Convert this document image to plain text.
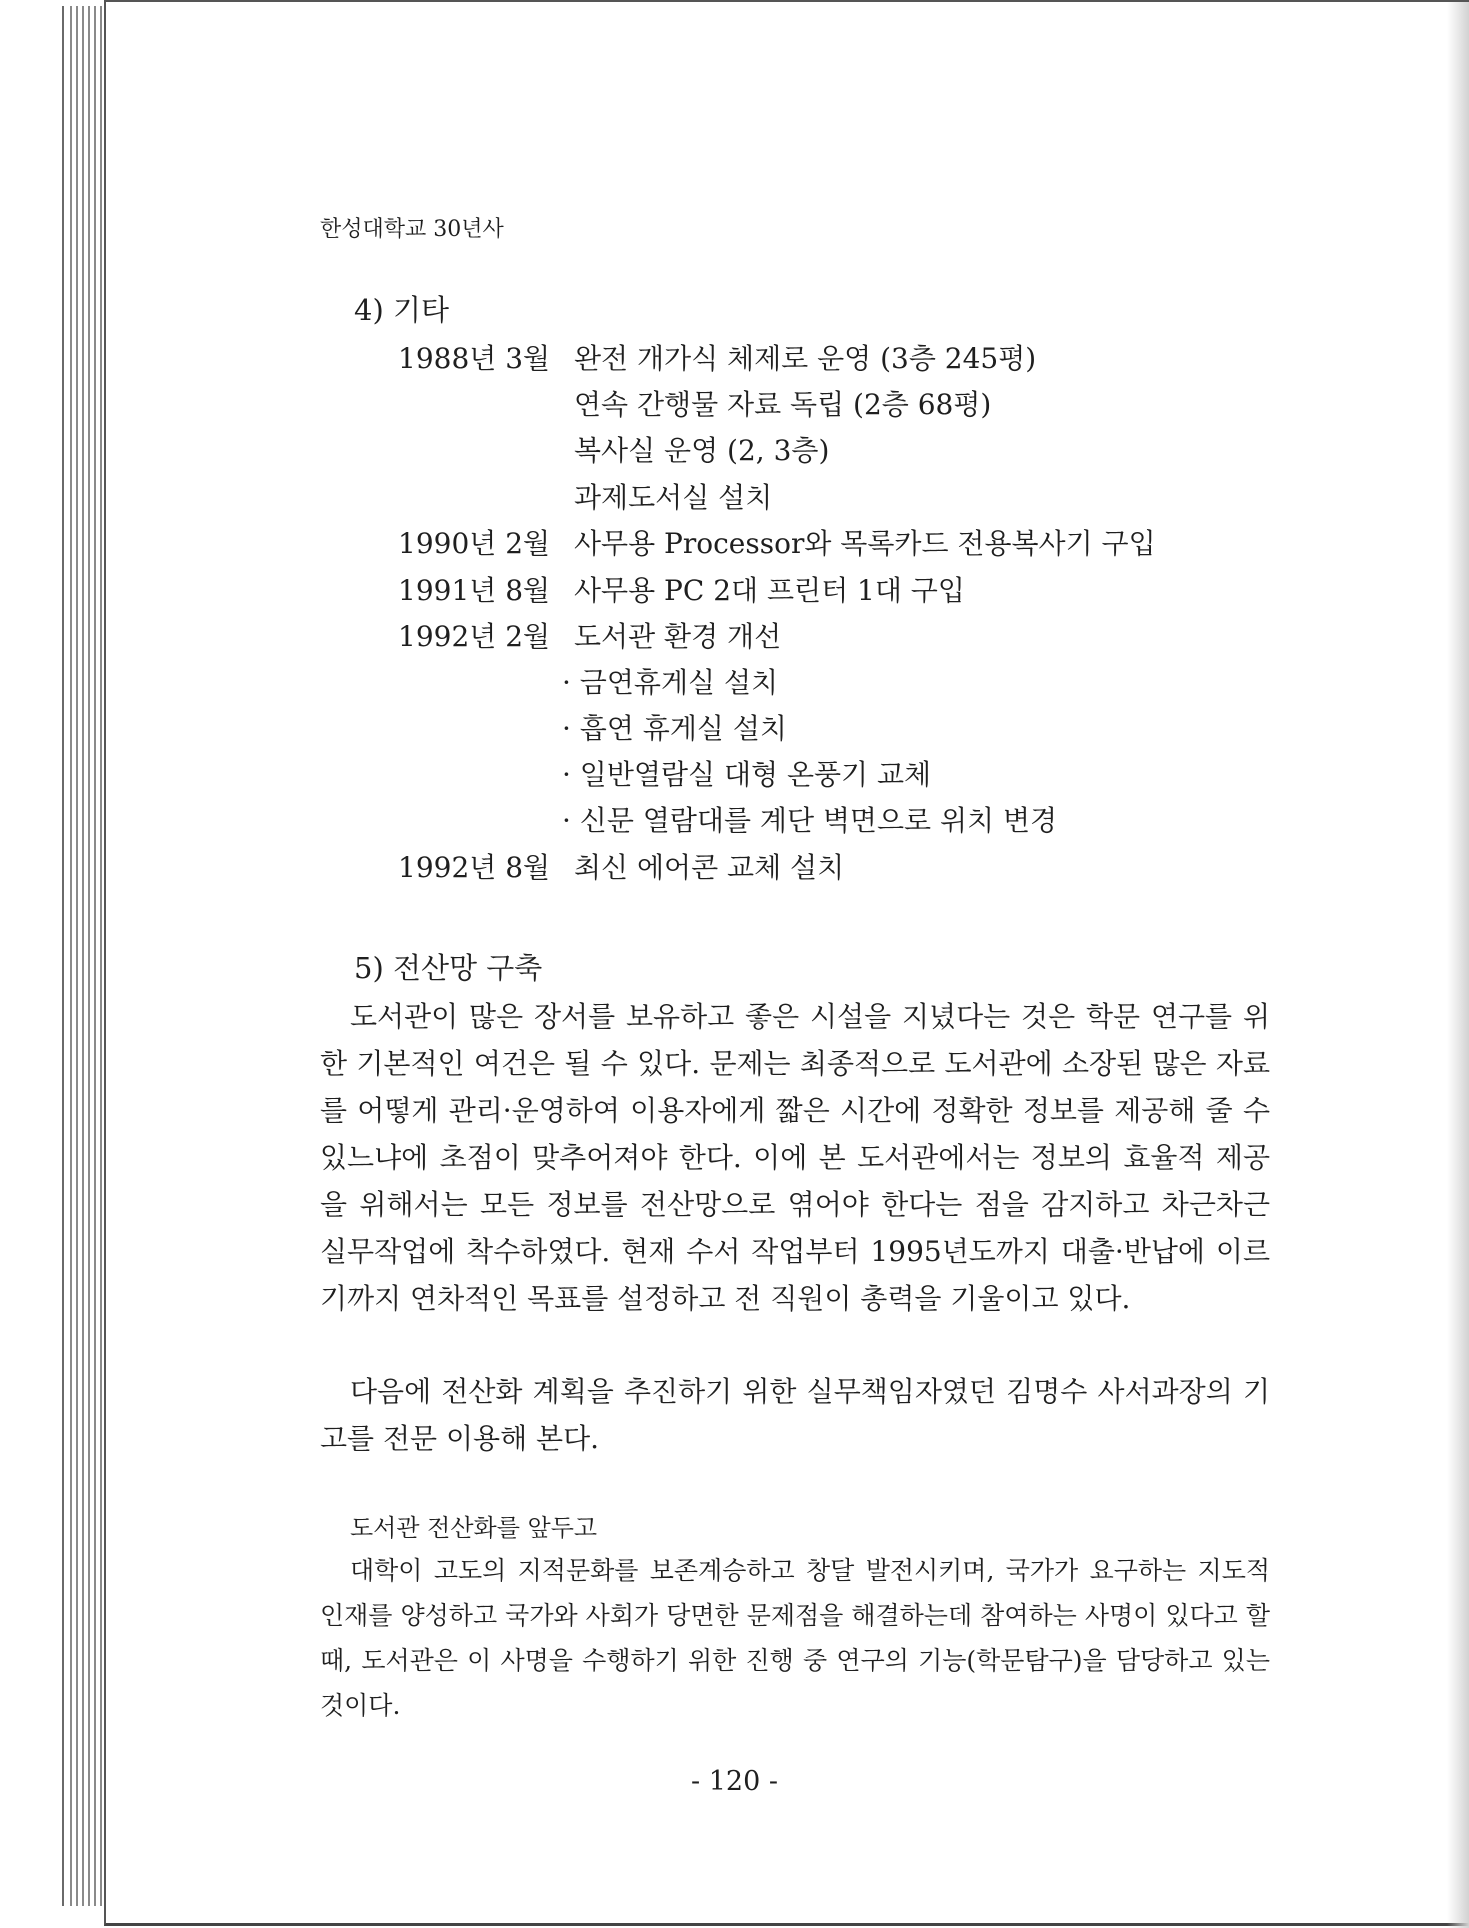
한성대학교 30년사
4) 기타
1988년 3월 완전 개가식 체제로 운영 (3층 245평)
연속 간행물 자료 독립 (2층 68평)
복사실 운영 (2, 3층)
과제도서실 설치
1990년 2월 사무용 Processor와 목록카드 전용복사기 구입
1991년 8월 사무용 PC 2대 프린터 1대 구입
1992년 2월 도서관 환경 개선
· 금연휴게실 설치
· 흡연 휴게실 설치
· 일반열람실 대형 온풍기 교체
· 신문 열람대를 계단 벽면으로 위치 변경
1992년 8월 최신 에어콘 교체 설치
5) 전산망 구축
도서관이 많은 장서를 보유하고 좋은 시설을 지녔다는 것은 학문 연구를 위한 기본적인 여건은 될 수 있다. 문제는 최종적으로 도서관에 소장된 많은 자료를 어떻게 관리·운영하여 이용자에게 짧은 시간에 정확한 정보를 제공해 줄 수 있느냐에 초점이 맞추어져야 한다. 이에 본 도서관에서는 정보의 효율적 제공을 위해서는 모든 정보를 전산망으로 엮어야 한다는 점을 감지하고 차근차근 실무작업에 착수하였다. 현재 수서 작업부터 1995년도까지 대출·반납에 이르기까지 연차적인 목표를 설정하고 전 직원이 총력을 기울이고 있다.
다음에 전산화 계획을 추진하기 위한 실무책임자였던 김명수 사서과장의 기고를 전문 이용해 본다.
도서관 전산화를 앞두고
대학이 고도의 지적문화를 보존계승하고 창달 발전시키며, 국가가 요구하는 지도적 인재를 양성하고 국가와 사회가 당면한 문제점을 해결하는데 참여하는 사명이 있다고 할 때, 도서관은 이 사명을 수행하기 위한 진행 중 연구의 기능(학문탐구)을 담당하고 있는 것이다.
- 120 -
